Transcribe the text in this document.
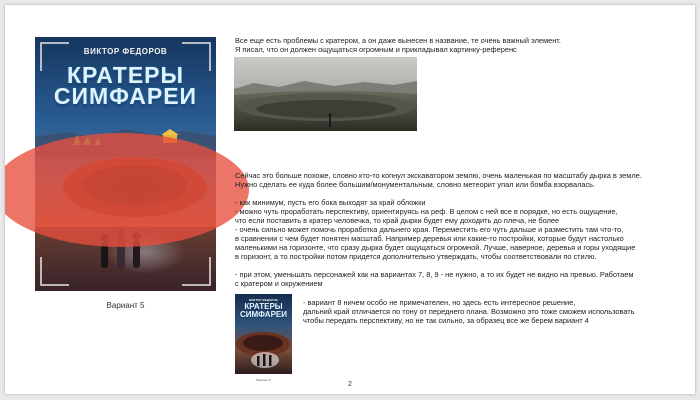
ВИКТОР ФЕДОРОВ
КРАТЕРЫ
СИМФАРЕИ
Вариант 5

Все еще есть проблемы с кратером, а он даже вынесен в название, те очень важный элемент.

Я писал, что он должен ощущаться огромным и прикладывал картинку-референс

Сейчас это больше похоже, словно кто-то копнул экскаватором землю, очень маленькая по масштабу дырка в земле.

Нужно сделать ее куда более большим/монументальным, словно метеорит упал или бомба взорвалась.

- как минимум, пусть его бока выходят за край обложки

- можно чуть проработать перспективу, ориентируясь на реф. В целом с ней все в порядке, но есть ощущение,

что если поставить в кратер человечка, то край дырки будет ему доходить до плеча, не более

- очень сильно может помочь проработка дальнего края. Переместить его чуть дальше и разместить там что-то,

в сравнении с чем будет понятен масштаб. Например деревья или какие-то постройки, которые будут настолько

маленькими на горизонте, что сразу дырка будет ощущаться огромной. Лучше, наверное, деревья и горы уходящие

в горизонт, а то постройки потом придется дополнительно утверждать, чтобы соответствовали по стилю.

- при этом, уменьшать персонажей как на вариантах 7, 8, 9 - не нужно, а то их будет не видно на превью. Работаем

с кратером и окружением

ВИКТОР ФЕДОРОВ
КРАТЕРЫ
СИМФАРЕИ
Вариант 8

- вариант 8 ничем особо не примечателен, но здесь есть интересное решение,

дальний край отличается по тону от переднего плана. Возможно это тоже сможем использовать

чтобы передать перспективу, но не так сильно, за образец все же берем вариант 4

2
